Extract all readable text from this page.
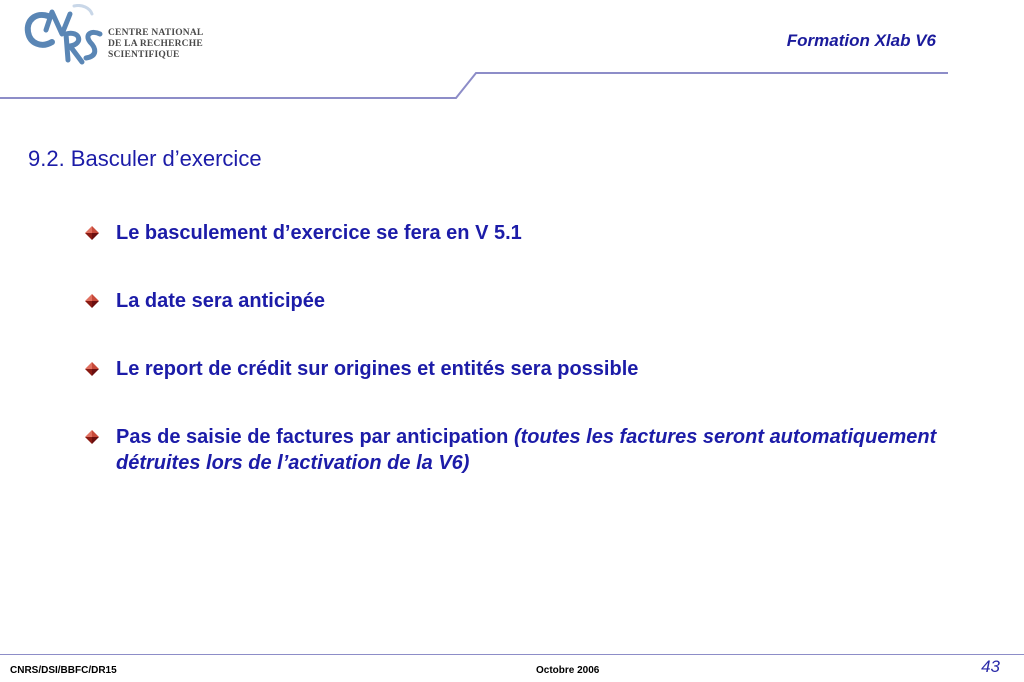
CENTRE NATIONAL
DE LA RECHERCHE
SCIENTIFIQUE
Formation Xlab V6
9.2. Basculer d’exercice
Le basculement d’exercice se fera en V 5.1
La date sera anticipée
Le report de crédit sur origines et entités sera possible
Pas de saisie de factures par anticipation (toutes les factures seront automatiquement détruites lors de l’activation de la V6)
CNRS/DSI/BBFC/DR15	Octobre 2006	43
